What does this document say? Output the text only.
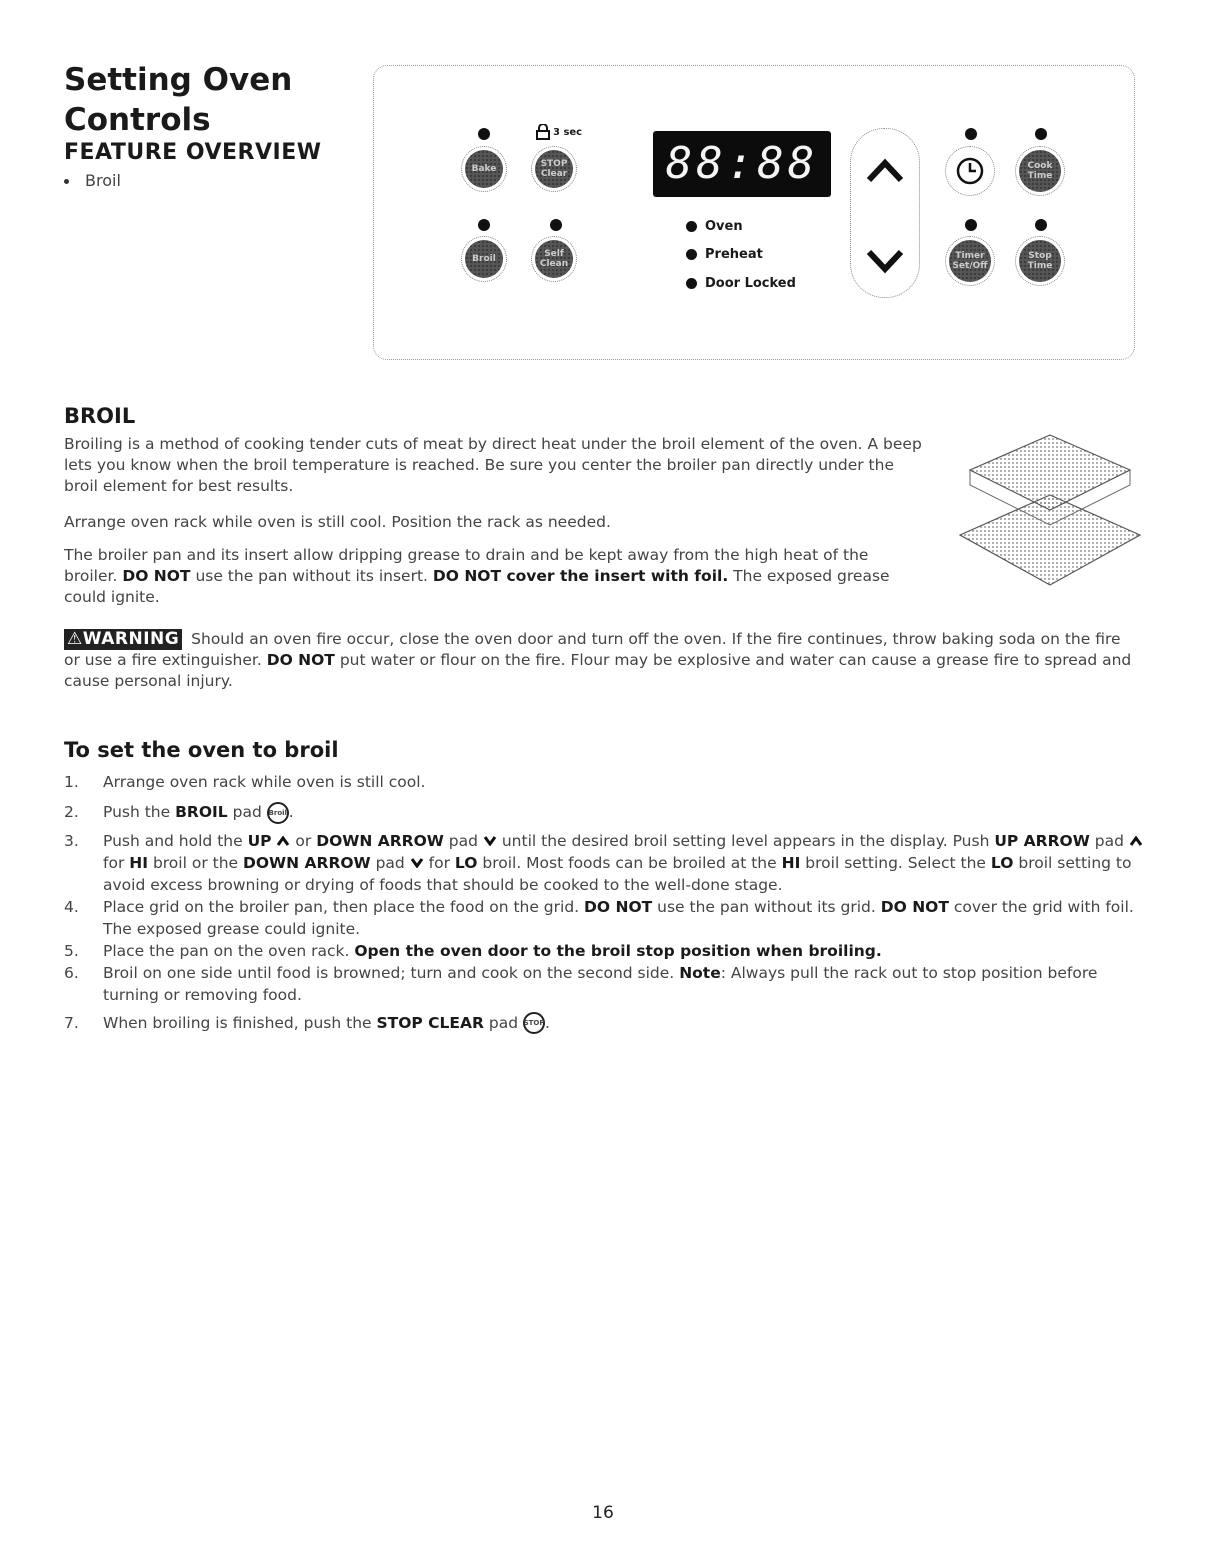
Setting Oven Controls
FEATURE OVERVIEW
Broil
3 sec
Bake	STOP Clear 88:88	Cook Time
Broil	Self Clean
Timer Set/Off
Stop Time
Oven
Preheat
Door Locked
BROIL
Broiling is a method of cooking tender cuts of meat by direct heat under the broil element of the oven. A beep lets you know when the broil temperature is reached. Be sure you center the broiler pan directly under the broil element for best results.
Arrange oven rack while oven is still cool. Position the rack as needed.
The broiler pan and its insert allow dripping grease to drain and be kept away from the high heat of the broiler. DO NOT use the pan without its insert. DO NOT cover the insert with foil. The exposed grease could ignite.
⚠WARNING Should an oven fire occur, close the oven door and turn off the oven. If the fire continues, throw baking soda on the fire or use a fire extinguisher. DO NOT put water or flour on the fire. Flour may be explosive and water can cause a grease fire to spread and cause personal injury.
To set the oven to broil
1. Arrange oven rack while oven is still cool.
2. Push the BROIL pad Broil .
3. Push and hold the UP or DOWN ARROW pad until the desired broil setting level appears in the display. Push UP ARROW pad  for HI broil or the DOWN ARROW pad for LO broil. Most foods can be broiled at the HI broil setting. Select the LO broil setting to avoid excess browning or drying of foods that should be cooked to the well-done stage.
4. Place grid on the broiler pan, then place the food on the grid. DO NOT use the pan without its grid. DO NOT cover the grid with foil. The exposed grease could ignite.
5. Place the pan on the oven rack. Open the oven door to the broil stop position when broiling.
6. Broil on one side until food is browned; turn and cook on the second side. Note: Always pull the rack out to stop position before turning or removing food.
7. When broiling is finished, push the STOP CLEAR pad STOP.
16
